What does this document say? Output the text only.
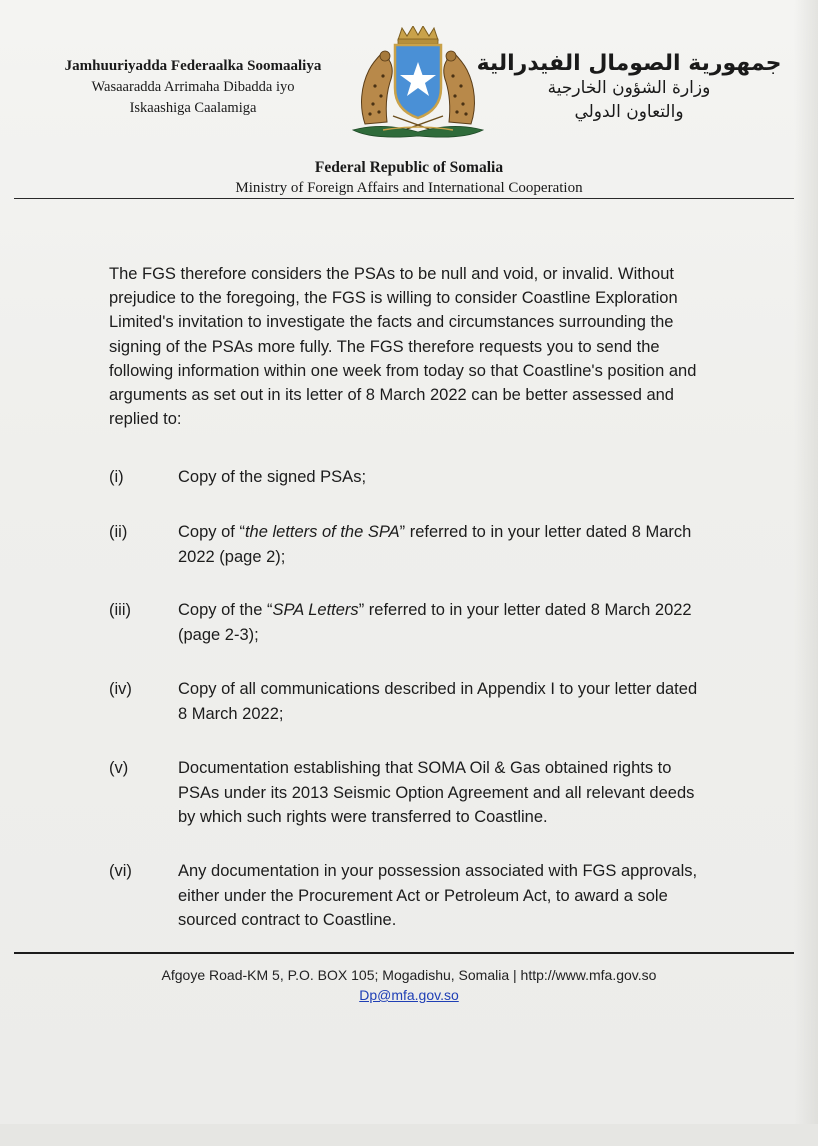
Jamhuuriyadda Federaalka Soomaaliya
Wasaaradda Arrimaha Dibadda iyo
Iskaashiga Caalamiga
جمهورية الصومال الفيدرالية
وزارة الشؤون الخارجية
والتعاون الدولي
Federal Republic of Somalia
Ministry of Foreign Affairs and International Cooperation
The FGS therefore considers the PSAs to be null and void, or invalid. Without prejudice to the foregoing, the FGS is willing to consider Coastline Exploration Limited's invitation to investigate the facts and circumstances surrounding the signing of the PSAs more fully. The FGS therefore requests you to send the following information within one week from today so that Coastline's position and arguments as set out in its letter of 8 March 2022 can be better assessed and replied to:
(i)	Copy of the signed PSAs;
(ii)	Copy of “the letters of the SPA” referred to in your letter dated 8 March 2022 (page 2);
(iii)	Copy of the “SPA Letters” referred to in your letter dated 8 March 2022 (page 2-3);
(iv)	Copy of all communications described in Appendix I to your letter dated 8 March 2022;
(v)	Documentation establishing that SOMA Oil & Gas obtained rights to PSAs under its 2013 Seismic Option Agreement and all relevant deeds by which such rights were transferred to Coastline.
(vi)	Any documentation in your possession associated with FGS approvals, either under the Procurement Act or Petroleum Act, to award a sole sourced contract to Coastline.
Afgoye Road-KM 5, P.O. BOX 105; Mogadishu, Somalia | http://www.mfa.gov.so
Dp@mfa.gov.so
